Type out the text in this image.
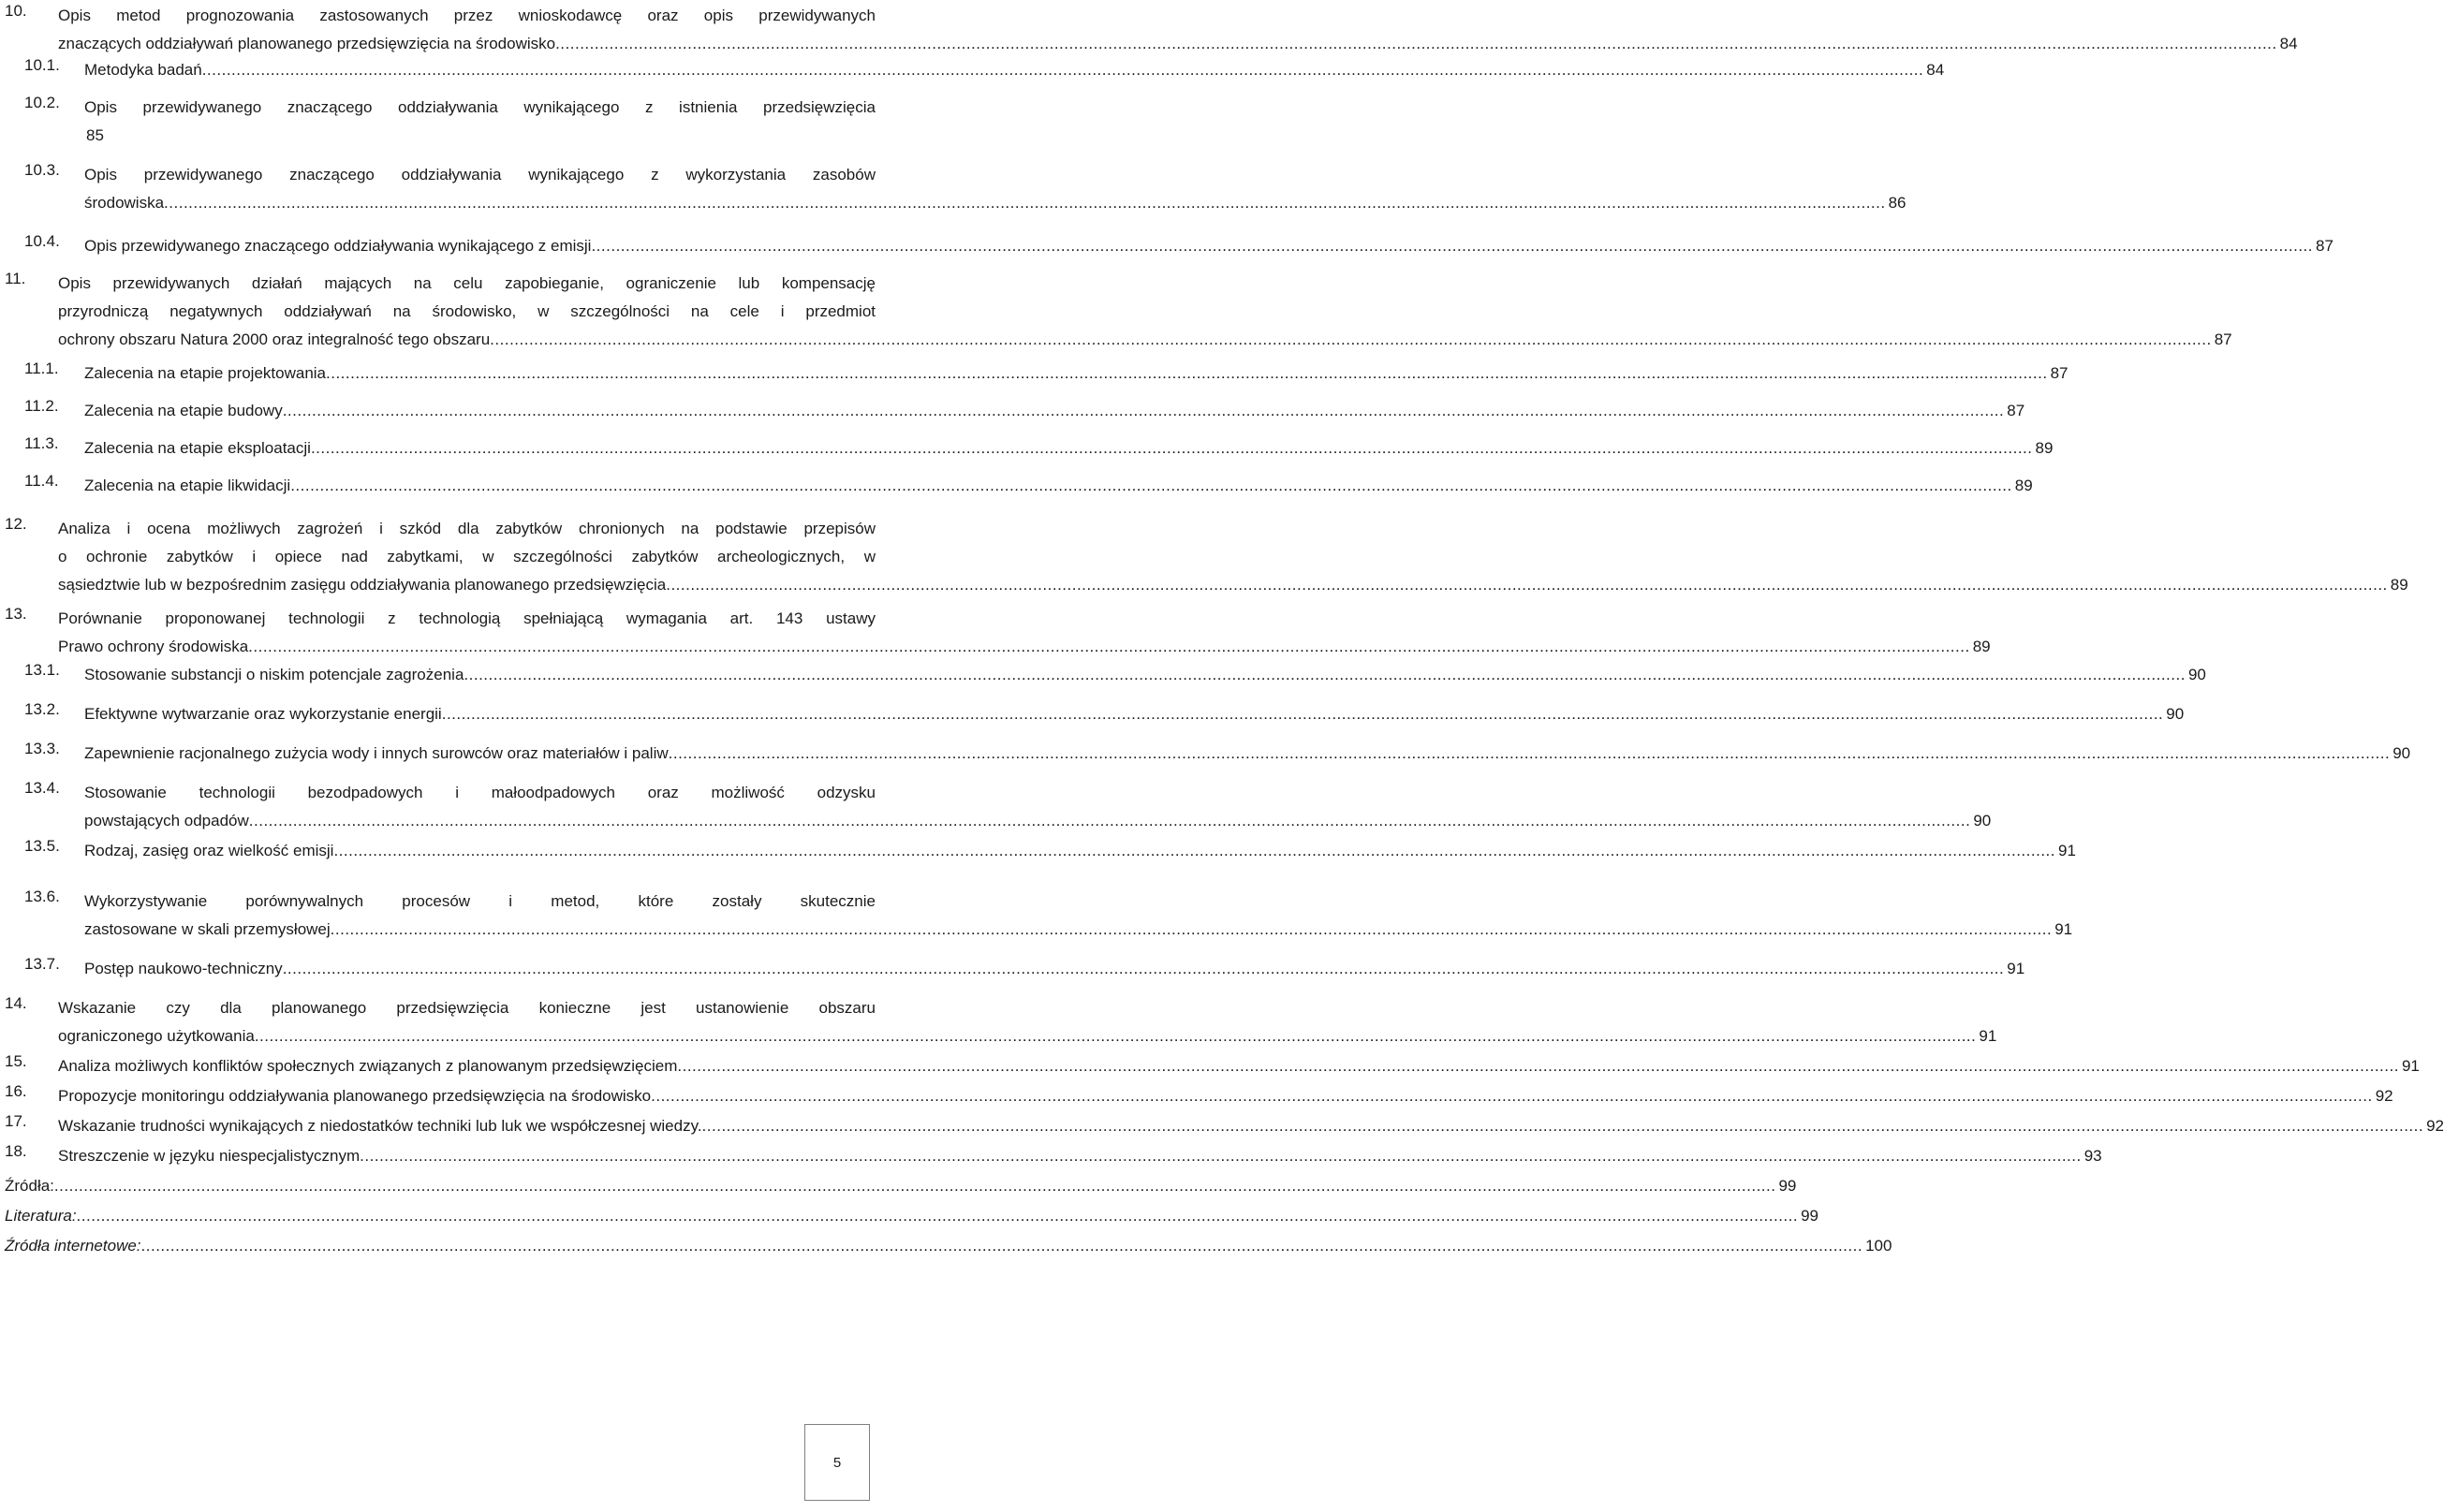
10. Opis metod prognozowania zastosowanych przez wnioskodawcę oraz opis przewidywanych
znaczących oddziaływań planowanego przedsięwzięcia na środowisko .....	84
10.1. Metodyka badań .....	84
10.2. Opis przewidywanego znaczącego oddziaływania wynikającego z istnienia przedsięwzięcia
85
10.3. Opis przewidywanego znaczącego oddziaływania wynikającego z wykorzystania zasobów
środowiska .....	86
10.4. Opis przewidywanego znaczącego oddziaływania wynikającego z emisji .....	87
11. Opis przewidywanych działań mających na celu zapobieganie, ograniczenie lub kompensację
przyrodniczą negatywnych oddziaływań na środowisko, w szczególności na cele i przedmiot
ochrony obszaru Natura 2000 oraz integralność tego obszaru .....	87
11.1. Zalecenia na etapie projektowania .....	87
11.2. Zalecenia na etapie budowy .....	87
11.3. Zalecenia na etapie eksploatacji .....	89
11.4. Zalecenia na etapie likwidacji .....	89
12. Analiza i ocena możliwych zagrożeń i szkód dla zabytków chronionych na podstawie przepisów
o ochronie zabytków i opiece nad zabytkami, w szczególności zabytków archeologicznych, w
sąsiedztwie lub w bezpośrednim zasięgu oddziaływania planowanego przedsięwzięcia .....	89
13. Porównanie proponowanej technologii z technologią spełniającą wymagania art. 143 ustawy
Prawo ochrony środowiska .....	89
13.1. Stosowanie substancji o niskim potencjale zagrożenia .....	90
13.2. Efektywne wytwarzanie oraz wykorzystanie energii .....	90
13.3. Zapewnienie racjonalnego zużycia wody i innych surowców oraz materiałów i paliw .....	90
13.4. Stosowanie technologii bezodpadowych i małoodpadowych oraz możliwość odzysku
powstających odpadów .....	90
13.5. Rodzaj, zasięg oraz wielkość emisji .....	91
13.6. Wykorzystywanie porównywalnych procesów i metod, które zostały skutecznie
zastosowane w skali przemysłowej .....	91
13.7. Postęp naukowo-techniczny .....	91
14. Wskazanie czy dla planowanego przedsięwzięcia konieczne jest ustanowienie obszaru
ograniczonego użytkowania .....	91
15. Analiza możliwych konfliktów społecznych związanych z planowanym przedsięwzięciem .....	91
16. Propozycje monitoringu oddziaływania planowanego przedsięwzięcia na środowisko .....	92
17. Wskazanie trudności wynikających z niedostatków techniki lub luk we współczesnej wiedzy. .....	92
18. Streszczenie w języku niespecjalistycznym .....	93
Źródła: .....	99
Literatura: .....	99
Źródła internetowe: .....	100
5
